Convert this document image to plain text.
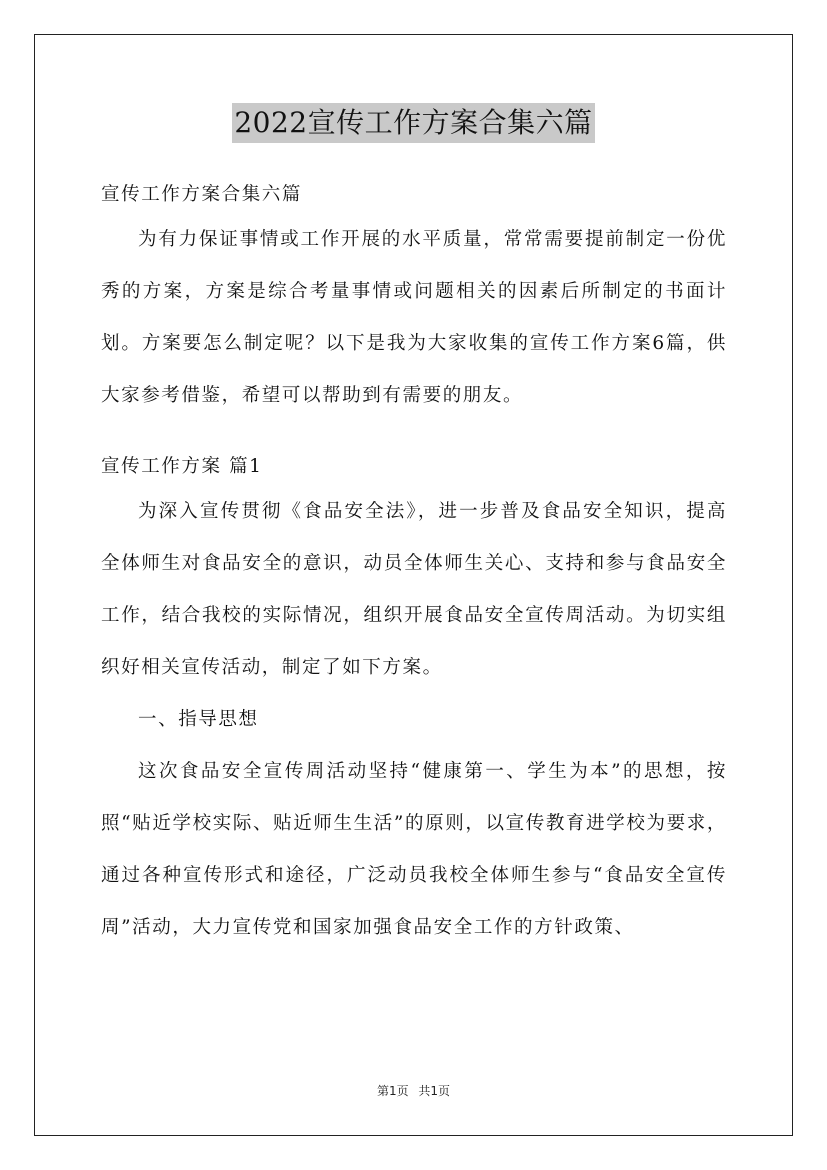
2022宣传工作方案合集六篇
宣传工作方案合集六篇
为有力保证事情或工作开展的水平质量，常常需要提前制定一份优秀的方案，方案是综合考量事情或问题相关的因素后所制定的书面计划。方案要怎么制定呢？以下是我为大家收集的宣传工作方案6篇，供大家参考借鉴，希望可以帮助到有需要的朋友。
宣传工作方案 篇1
为深入宣传贯彻《食品安全法》，进一步普及食品安全知识，提高全体师生对食品安全的意识，动员全体师生关心、支持和参与食品安全工作，结合我校的实际情况，组织开展食品安全宣传周活动。为切实组织好相关宣传活动，制定了如下方案。
一、指导思想
这次食品安全宣传周活动坚持“健康第一、学生为本”的思想，按照“贴近学校实际、贴近师生生活”的原则，以宣传教育进学校为要求，通过各种宣传形式和途径，广泛动员我校全体师生参与“食品安全宣传周”活动，大力宣传党和国家加强食品安全工作的方针政策、
第1页 共1页
